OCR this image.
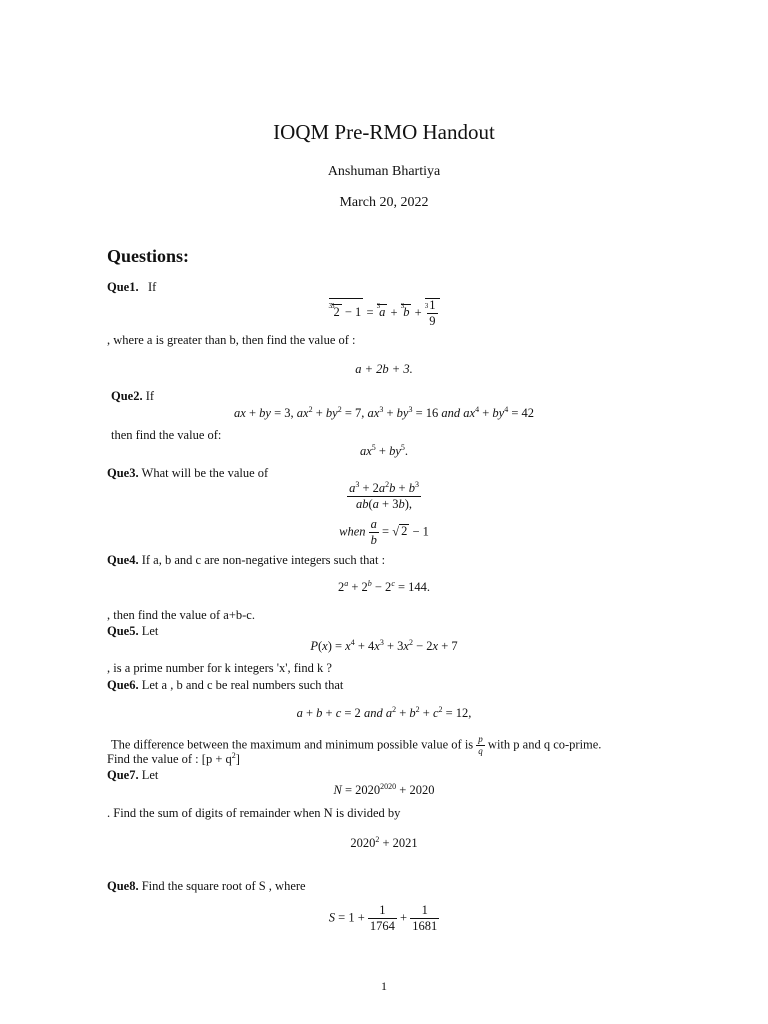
IOQM Pre-RMO Handout
Anshuman Bhartiya
March 20, 2022
Questions:
Que1. If
$^{33}2 - 1 = ^3a + ^3b + ^3 \frac{1}{9}$
, where a is greater than b, then find the value of :
a + 2b + 3.
Que2. If
ax + by = 3, $ax^2 + by^2 = 7$, $ax^3 + by^3 = 16$ and $ax^4 + by^4 = 42$
then find the value of:
$ax^5 + by^5$.
Que3. What will be the value of
$\frac{a^3 + 2a^2b + b^3}{ab(a + 3b),}$
when $\frac{a}{b}$ = √ 2 − 1
Que4. If a, b and c are non-negative integers such that :
$2^a + 2^b - 2^c = 144$.
, then find the value of a+b-c.
Que5. Let
$P(x) = x^4 + 4x^3 + 3x^2 - 2x + 7$
, is a prime number for k integers 'x', find k ?
Que6. Let a , b and c be real numbers such that
a + b + c = 2 and $a^2 + b^2 + c^2 = 12$,
The difference between the maximum and minimum possible value of is $\frac{p}{q}$ with p and q co-prime.
Find the value of : $[p + q^2]$
Que7. Let
$N = 2020^{2020} + 2020$
. Find the sum of digits of remainder when N is divided by
$2020^2 + 2021$
Que8. Find the square root of S , where
$S = 1 + \frac{1}{1764} + \frac{1}{1681}$
1
